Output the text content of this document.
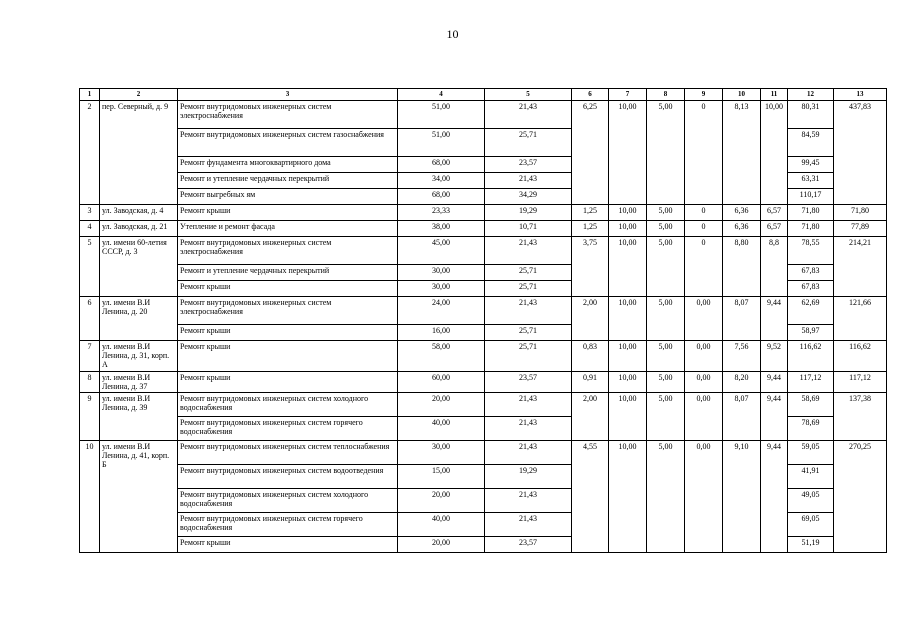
10
1	2	3	4	5	6	7	8	9	10	11	12	13
2	пер. Северный, д. 9	Ремонт внутридомовых инженерных систем электроснабжения	51,00	21,43	6,25	10,00	5,00	0	8,13	10,00	80,31	437,83
		Ремонт внутридомовых инженерных систем газоснабжения	51,00	25,71							84,59	
		Ремонт фундамента многоквартирного дома	68,00	23,57							99,45	
		Ремонт и утепление чердачных перекрытий	34,00	21,43							63,31	
		Ремонт выгребных ям	68,00	34,29							110,17	
3	ул. Заводская, д. 4	Ремонт крыши	23,33	19,29	1,25	10,00	5,00	0	6,36	6,57	71,80	71,80
4	ул. Заводская, д. 21	Утепление и ремонт фасада	38,00	10,71	1,25	10,00	5,00	0	6,36	6,57	71,80	77,89
5	ул. имени 60-летия СССР, д. 3	Ремонт внутридомовых инженерных систем электроснабжения	45,00	21,43	3,75	10,00	5,00	0	8,80	8,8	78,55	214,21
		Ремонт и утепление чердачных перекрытий	30,00	25,71							67,83	
		Ремонт крыши	30,00	25,71							67,83	
6	ул. имени В.И Ленина, д. 20	Ремонт внутридомовых инженерных систем электроснабжения	24,00	21,43	2,00	10,00	5,00	0,00	8,07	9,44	62,69	121,66
		Ремонт крыши	16,00	25,71							58,97	
7	ул. имени В.И Ленина, д. 31, корп. А	Ремонт крыши	58,00	25,71	0,83	10,00	5,00	0,00	7,56	9,52	116,62	116,62
8	ул. имени В.И Ленина, д. 37	Ремонт крыши	60,00	23,57	0,91	10,00	5,00	0,00	8,20	9,44	117,12	117,12
9	ул. имени В.И Ленина, д. 39	Ремонт внутридомовых инженерных систем холодного водоснабжения	20,00	21,43	2,00	10,00	5,00	0,00	8,07	9,44	58,69	137,38
		Ремонт внутридомовых инженерных систем горячего водоснабжения	40,00	21,43							78,69	
10	ул. имени В.И Ленина, д. 41, корп. Б	Ремонт внутридомовых инженерных систем теплоснабжения	30,00	21,43	4,55	10,00	5,00	0,00	9,10	9,44	59,05	270,25
		Ремонт внутридомовых инженерных систем водоотведения	15,00	19,29							41,91	
		Ремонт внутридомовых инженерных систем холодного водоснабжения	20,00	21,43							49,05	
		Ремонт внутридомовых инженерных систем горячего водоснабжения	40,00	21,43							69,05	
		Ремонт крыши	20,00	23,57							51,19	
